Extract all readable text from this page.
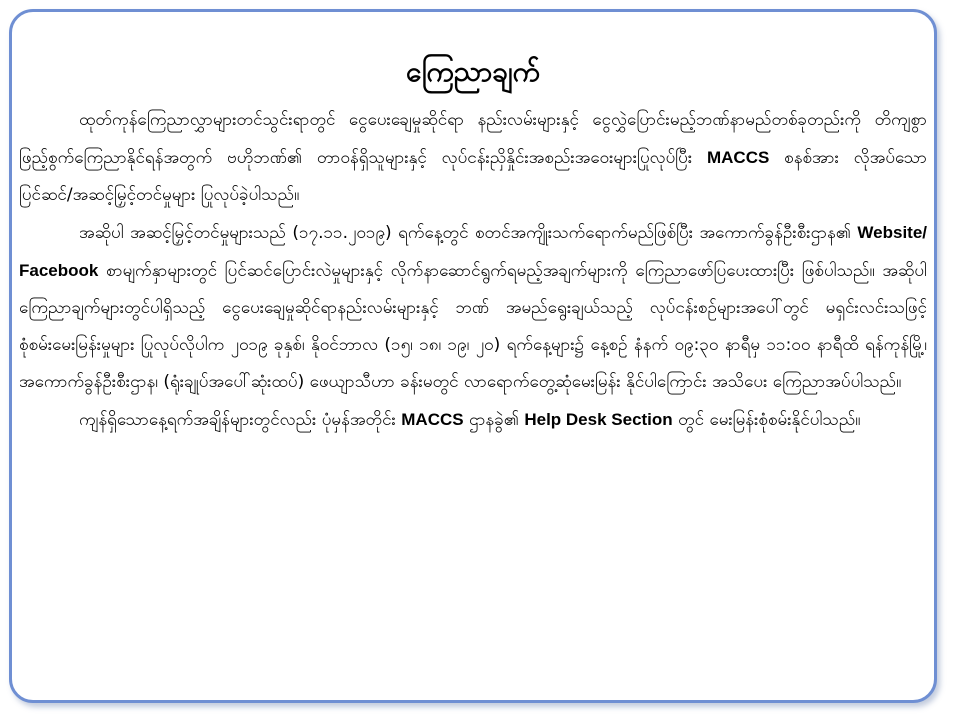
ကြေညာချက်

ထုတ်ကုန်ကြေညာလွှာများတင်သွင်းရာတွင် ငွေပေးချေမှုဆိုင်ရာ နည်းလမ်းများနှင့် ငွေလွှဲပြောင်းမည့်ဘဏ်နာမည်တစ်ခုတည်းကို တိကျစွာဖြည့်စွက်ကြေညာနိုင်ရန်အတွက် ဗဟိုဘဏ်၏ တာဝန်ရှိသူများနှင့် လုပ်ငန်းညှိနှိုင်းအစည်းအဝေးများပြုလုပ်ပြီး MACCS စနစ်အား လိုအပ်သော ပြင်ဆင်/အဆင့်မြှင့်တင်မှုများ ပြုလုပ်ခဲ့ပါသည်။

အဆိုပါ အဆင့်မြှင့်တင်မှုများသည် (၁၇.၁၁.၂၀၁၉) ရက်နေ့တွင် စတင်အကျိုးသက်ရောက်မည်ဖြစ်ပြီး အကောက်ခွန်ဦးစီးဌာန၏ Website/ Facebook စာမျက်နှာများတွင် ပြင်ဆင်ပြောင်းလဲမှုများနှင့် လိုက်နာဆောင်ရွက်ရမည့်အချက်များကို ကြေညာဖော်ပြပေးထားပြီး ဖြစ်ပါသည်။ အဆိုပါကြေညာချက်များတွင်ပါရှိသည့် ငွေပေးချေမှုဆိုင်ရာနည်းလမ်းများနှင့် ဘဏ် အမည်ရွေးချယ်သည့် လုပ်ငန်းစဉ်များအပေါ်တွင် မရှင်းလင်းသဖြင့် စုံစမ်းမေးမြန်းမှုများ ပြုလုပ်လိုပါက ၂၀၁၉ ခုနှစ်၊ နိုဝင်ဘာလ (၁၅၊ ၁၈၊ ၁၉၊ ၂၀) ရက်နေ့များ၌ နေ့စဉ် နံနက် ၀၉:၃၀ နာရီမှ ၁၁:၀၀ နာရီထိ ရန်ကုန်မြို့၊ အကောက်ခွန်ဦးစီးဌာန၊ (ရုံးချုပ်အပေါ်ဆုံးထပ်) ဖေယျာသီဟာ ခန်းမတွင် လာရောက်တွေ့ဆုံမေးမြန်း နိုင်ပါကြောင်း အသိပေး ကြေညာအပ်ပါသည်။

ကျန်ရှိသောနေ့ရက်အချိန်များတွင်လည်း ပုံမှန်အတိုင်း MACCS ဌာနခွဲ၏ Help Desk Section တွင် မေးမြန်းစုံစမ်းနိုင်ပါသည်။
